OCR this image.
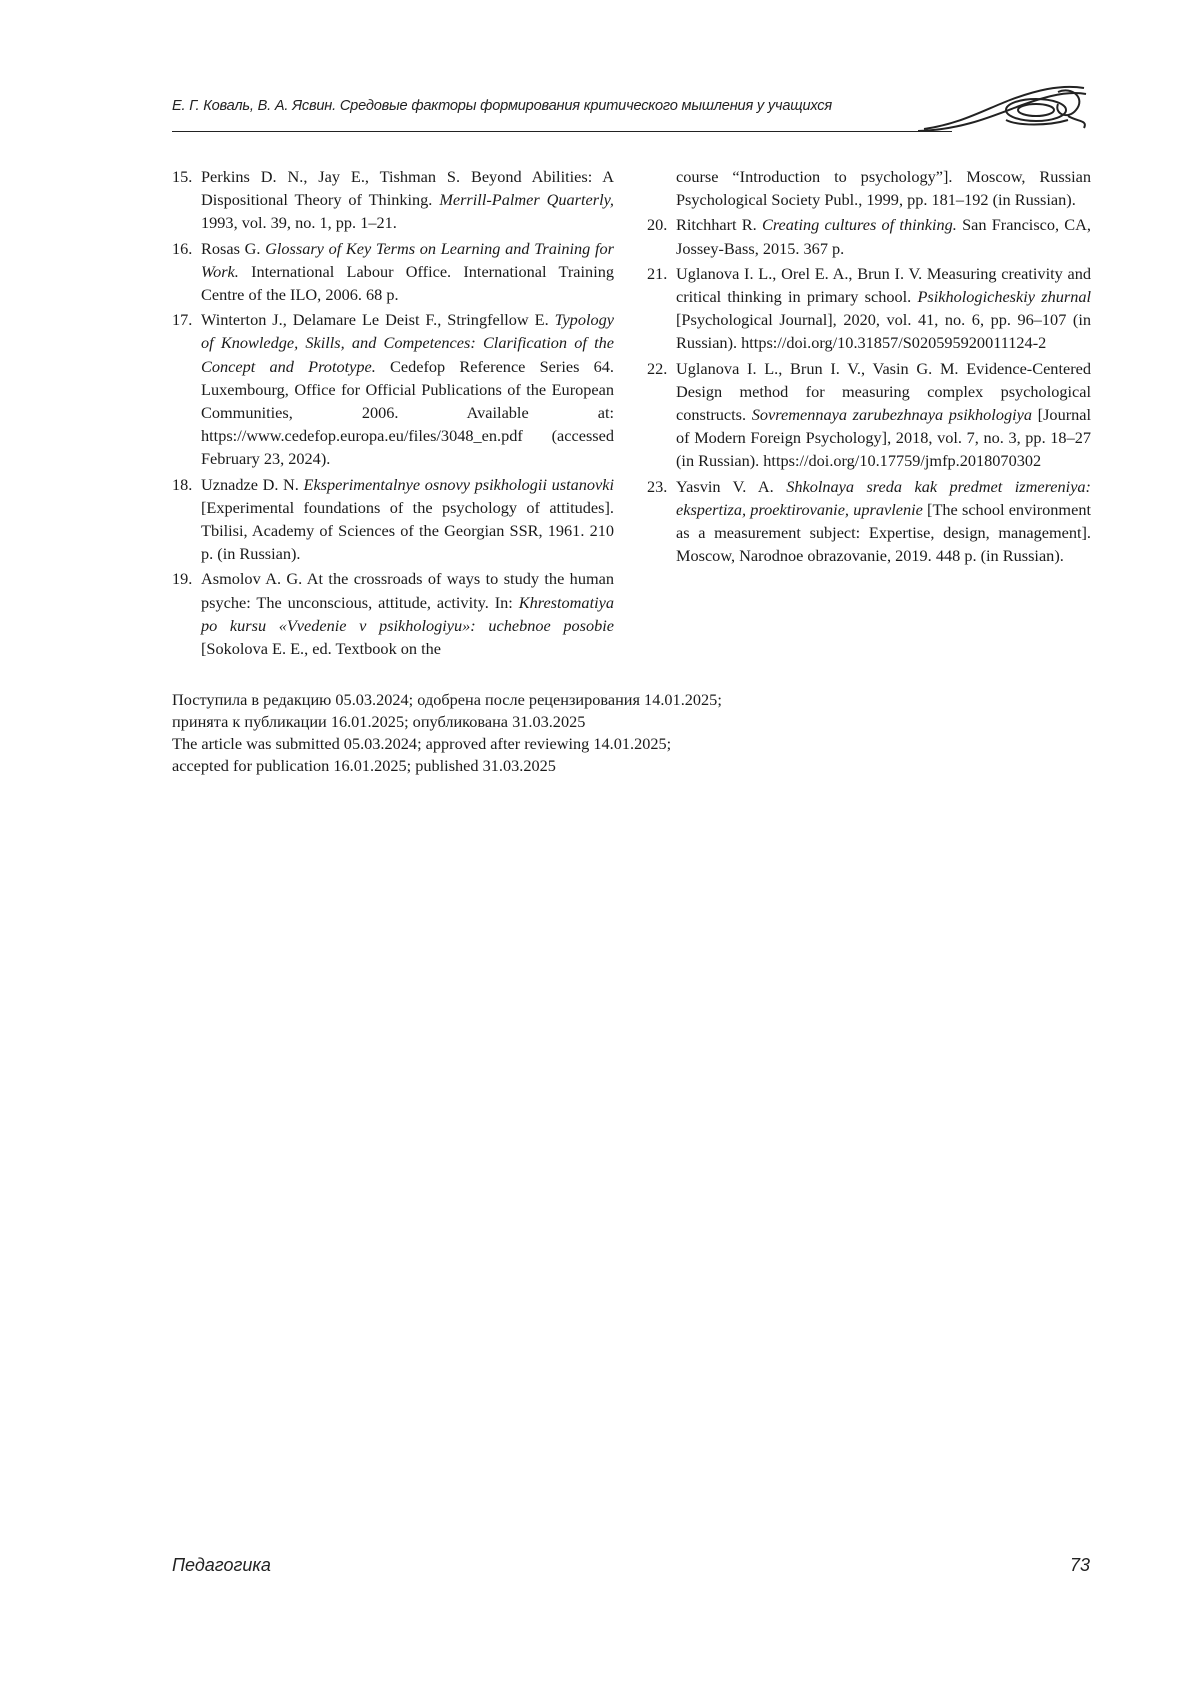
Е. Г. Коваль, В. А. Ясвин. Средовые факторы формирования критического мышления у учащихся
15. Perkins D. N., Jay E., Tishman S. Beyond Abilities: A Dispositional Theory of Thinking. Merrill-Palmer Quarterly, 1993, vol. 39, no. 1, pp. 1–21.
16. Rosas G. Glossary of Key Terms on Learning and Training for Work. International Labour Office. International Training Centre of the ILO, 2006. 68 p.
17. Winterton J., Delamare Le Deist F., Stringfellow E. Typology of Knowledge, Skills, and Competences: Clarification of the Concept and Prototype. Cedefop Reference Series 64. Luxembourg, Office for Official Publications of the European Communities, 2006. Available at: https://www.cedefop.europa.eu/files/3048_en.pdf (accessed February 23, 2024).
18. Uznadze D. N. Eksperimentalnye osnovy psikhologii ustanovki [Experimental foundations of the psychology of attitudes]. Tbilisi, Academy of Sciences of the Georgian SSR, 1961. 210 p. (in Russian).
19. Asmolov A. G. At the crossroads of ways to study the human psyche: The unconscious, attitude, activity. In: Khrestomatiya po kursu «Vvedenie v psikhologiyu»: uchebnoe posobie [Sokolova E. E., ed. Textbook on the
course “Introduction to psychology”]. Moscow, Russian Psychological Society Publ., 1999, pp. 181–192 (in Russian).
20. Ritchhart R. Creating cultures of thinking. San Francisco, CA, Jossey-Bass, 2015. 367 p.
21. Uglanova I. L., Orel E. A., Brun I. V. Measuring creativity and critical thinking in primary school. Psikhologicheskiy zhurnal [Psychological Journal], 2020, vol. 41, no. 6, pp. 96–107 (in Russian). https://doi.org/10.31857/S020595920011124-2
22. Uglanova I. L., Brun I. V., Vasin G. M. Evidence-Centered Design method for measuring complex psychological constructs. Sovremennaya zarubezhnaya psikhologiya [Journal of Modern Foreign Psychology], 2018, vol. 7, no. 3, pp. 18–27 (in Russian). https://doi.org/10.17759/jmfp.2018070302
23. Yasvin V. A. Shkolnaya sreda kak predmet izmereniya: ekspertiza, proektirovanie, upravlenie [The school environment as a measurement subject: Expertise, design, management]. Moscow, Narodnoe obrazovanie, 2019. 448 p. (in Russian).
Поступила в редакцию 05.03.2024; одобрена после рецензирования 14.01.2025;
принята к публикации 16.01.2025; опубликована 31.03.2025
The article was submitted 05.03.2024; approved after reviewing 14.01.2025;
accepted for publication 16.01.2025; published 31.03.2025
Педагогика	73
